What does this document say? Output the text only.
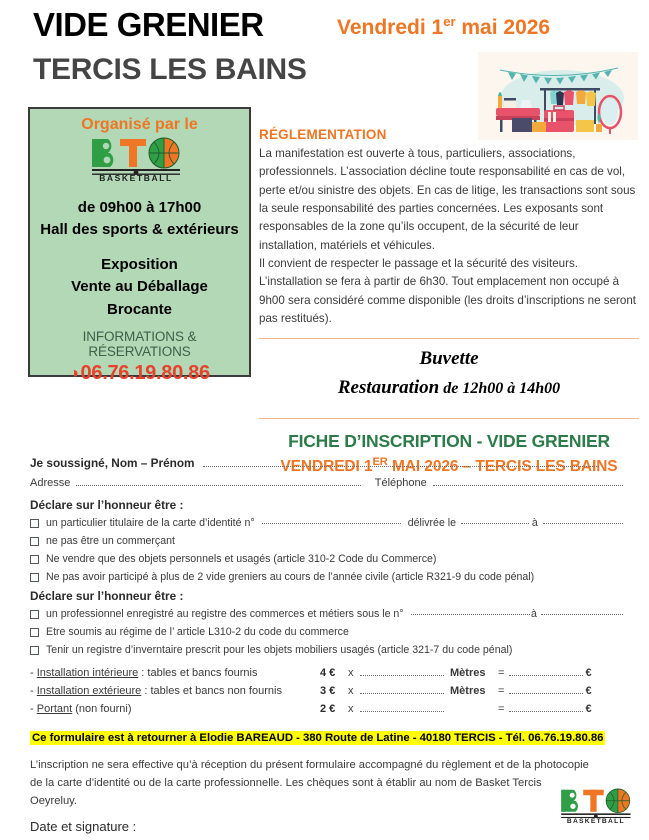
VIDE GRENIER
TERCIS LES BAINS
Vendredi 1er mai 2026
Organisé par le
BASKETBALL
de 09h00 à 17h00
Hall des sports & extérieurs
Exposition
Vente au Déballage
Brocante
INFORMATIONS & RÉSERVATIONS
◑ 06.76.19.80.86
RÉGLEMENTATION

La manifestation est ouverte à tous, particuliers, associations, professionnels. L’association décline toute responsabilité en cas de vol, perte et/ou sinistre des objets. En cas de litige, les transactions sont sous la seule responsabilité des parties concernées. Les exposants sont responsables de la zone qu’ils occupent, de la sécurité de leur installation, matériels et véhicules.

Il convient de respecter le passage et la sécurité des visiteurs.

L’installation se fera à partir de 6h30. Tout emplacement non occupé à 9h00 sera considéré comme disponible (les droits d’inscriptions ne seront pas restitués).

Buvette
Restauration de 12h00 à 14h00
FICHE D’INSCRIPTION - VIDE GRENIER
VENDREDI 1ER MAI 2026 – TERCIS LES BAINS
Je soussigné, Nom – Prénom
Adresse	Téléphone
Déclare sur l’honneur être :
un particulier titulaire de la carte d’identité n°	délivrée le	à
ne pas être un commerçant
Ne vendre que des objets personnels et usagés (article 310-2 Code du Commerce)
Ne pas avoir participé à plus de 2 vide greniers au cours de l’année civile (article R321-9 du code pénal)
Déclare sur l’honneur être :
un professionnel enregistré au registre des commerces et métiers sous le n°	à
Etre soumis au régime de l’ article L310-2 du code du commerce
Tenir un registre d’inverntaire prescrit pour les objets mobiliers usagés (article 321-7 du code pénal)
- Installation intérieure : tables et bancs fournis	4 €	x	Mètres	=	€
- Installation extérieure : tables et bancs non fournis	3 €	x	Mètres	=	€
- Portant (non fourni)	2 €	x	=	€
Ce formulaire est à retourner à Elodie BAREAUD - 380 Route de Latine - 40180 TERCIS - Tél. 06.76.19.80.86
L’inscription ne sera effective qu’à réception du présent formulaire accompagné du règlement et de la photocopie de la carte d’identité ou de la carte professionnelle. Les chèques sont à établir au nom de Basket Tercis Oeyreluy.
Date et signature :	BASKETBALL
